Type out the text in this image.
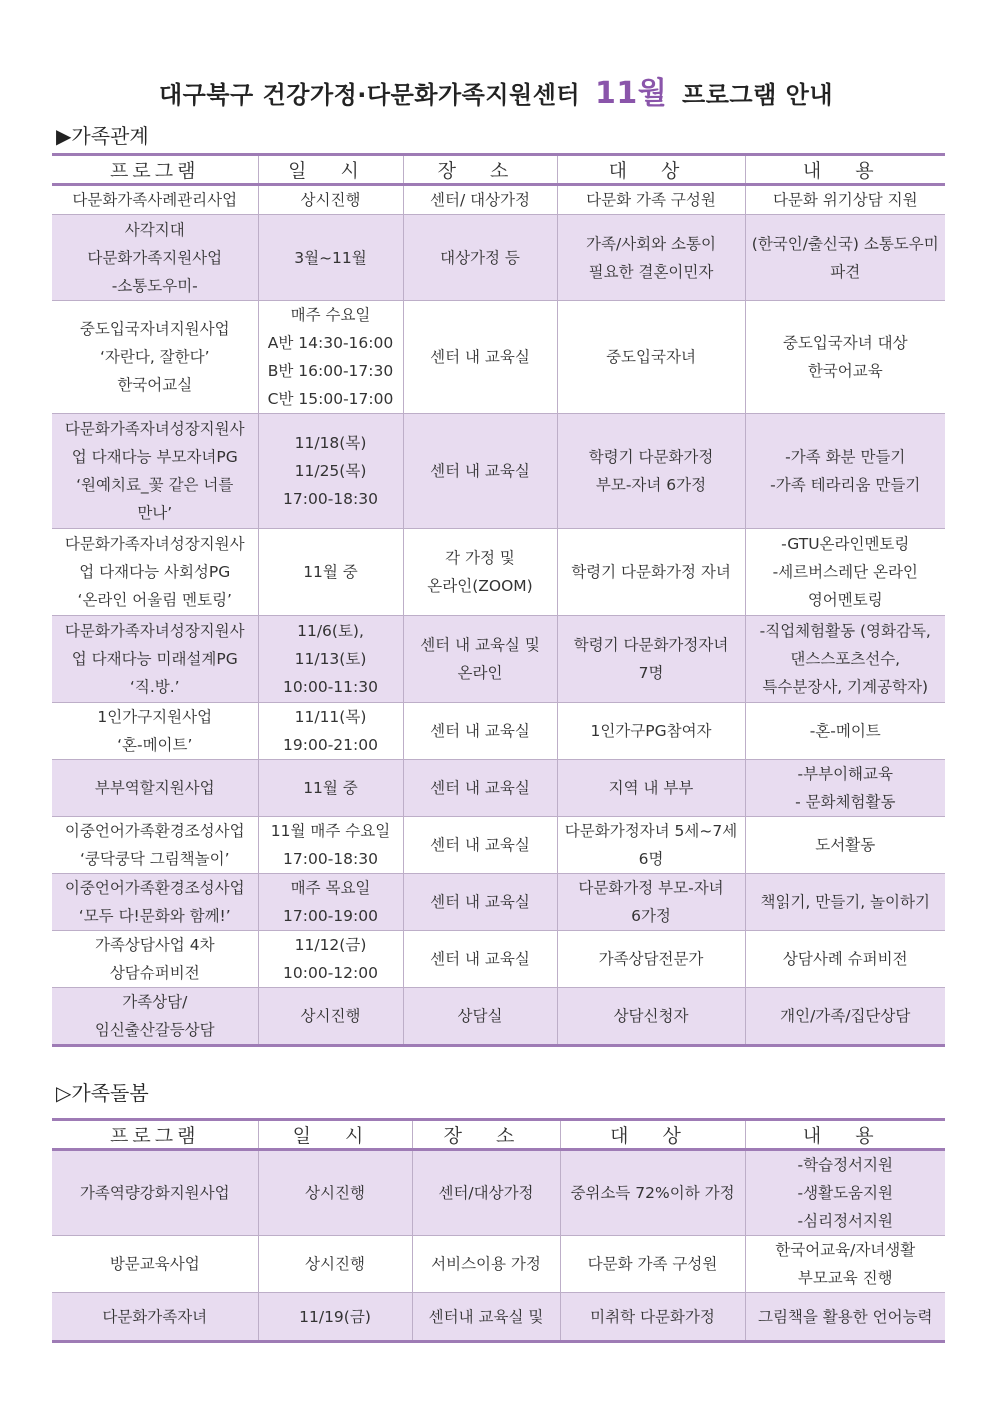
대구북구 건강가정·다문화가족지원센터 11월 프로그램 안내
▶가족관계
프로그램	일 시	장 소	대 상	내 용
다문화가족사례관리사업	상시진행	센터/ 대상가정	다문화 가족 구성원	다문화 위기상담 지원
사각지대
다문화가족지원사업
-소통도우미-	3월~11월	대상가정 등	가족/사회와 소통이
필요한 결혼이민자	(한국인/출신국) 소통도우미
파견
중도입국자녀지원사업
‘자란다, 잘한다’
한국어교실	매주 수요일
A반 14:30-16:00
B반 16:00-17:30
C반 15:00-17:00	센터 내 교육실	중도입국자녀	중도입국자녀 대상
한국어교육
다문화가족자녀성장지원사
업 다재다능 부모자녀PG
‘원예치료_꽃 같은 너를
만나’	11/18(목)
11/25(목)
17:00-18:30	센터 내 교육실	학령기 다문화가정
부모-자녀 6가정	-가족 화분 만들기
-가족 테라리움 만들기
다문화가족자녀성장지원사
업 다재다능 사회성PG
‘온라인 어울림 멘토링’	11월 중	각 가정 및
온라인(ZOOM)	학령기 다문화가정 자녀	-GTU온라인멘토링
-세르버스레단 온라인
영어멘토링
다문화가족자녀성장지원사
업 다재다능 미래설계PG
‘직.방.’	11/6(토),
11/13(토)
10:00-11:30	센터 내 교육실 및
온라인	학령기 다문화가정자녀
7명	-직업체험활동 (영화감독,
댄스스포츠선수,
특수분장사, 기계공학자)
1인가구지원사업
‘혼-메이트’	11/11(목)
19:00-21:00	센터 내 교육실	1인가구PG참여자	-혼-메이트
부부역할지원사업	11월 중	센터 내 교육실	지역 내 부부	-부부이해교육
- 문화체험활동
이중언어가족환경조성사업
‘쿵닥쿵닥 그림책놀이’	11월 매주 수요일
17:00-18:30	센터 내 교육실	다문화가정자녀 5세~7세
6명	도서활동
이중언어가족환경조성사업
‘모두 다!문화와 함께!’	매주 목요일
17:00-19:00	센터 내 교육실	다문화가정 부모-자녀
6가정	책읽기, 만들기, 놀이하기
가족상담사업 4차
상담슈퍼비전	11/12(금)
10:00-12:00	센터 내 교육실	가족상담전문가	상담사례 슈퍼비전
가족상담/
임신출산갈등상담	상시진행	상담실	상담신청자	개인/가족/집단상담
▷가족돌봄
프로그램	일 시	장 소	대 상	내 용
가족역량강화지원사업	상시진행	센터/대상가정	중위소득 72%이하 가정	-학습정서지원
-생활도움지원
-심리정서지원
방문교육사업	상시진행	서비스이용 가정	다문화 가족 구성원	한국어교육/자녀생활
부모교육 진행
다문화가족자녀	11/19(금)	센터내 교육실 및	미취학 다문화가정	그림책을 활용한 언어능력
